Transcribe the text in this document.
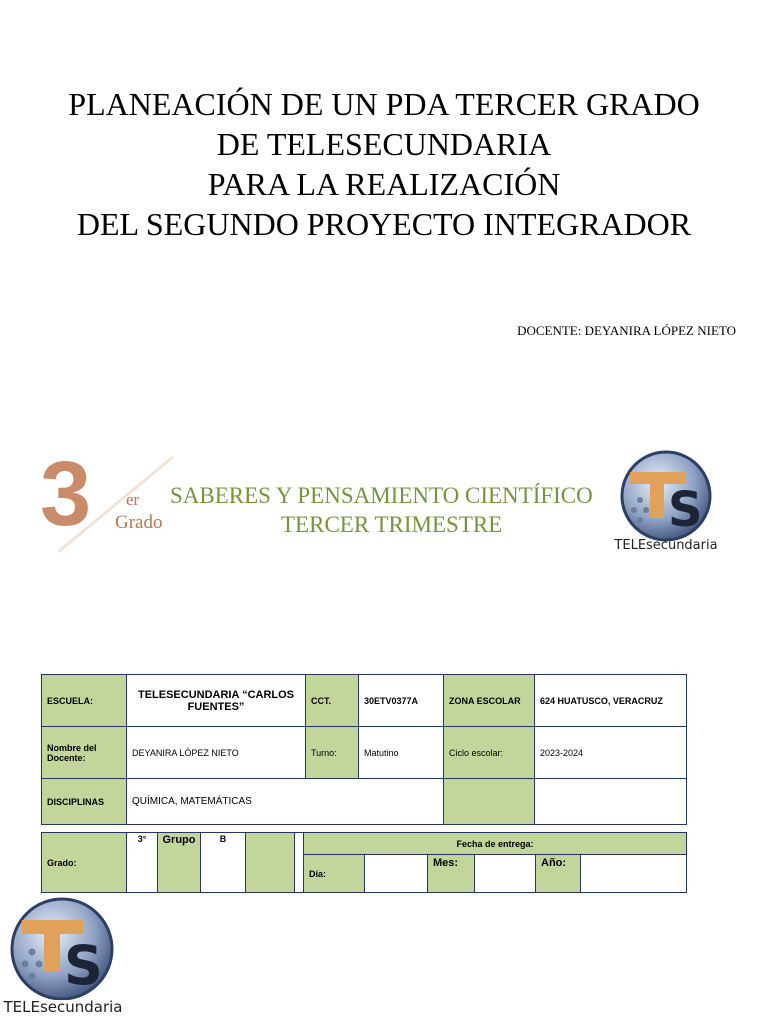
PLANEACIÓN DE UN PDA TERCER GRADO
DE TELESECUNDARIA
PARA LA REALIZACIÓN
DEL SEGUNDO PROYECTO INTEGRADOR
DOCENTE: DEYANIRA LÓPEZ NIETO
3 er
Grado
SABERES Y PENSAMIENTO CIENTÍFICO
TERCER TRIMESTRE	S
TELEsecundaria
ESCUELA:	TELESECUNDARIA “CARLOS FUENTES”	CCT.	30ETV0377A	ZONA ESCOLAR	624 HUATUSCO, VERACRUZ
Nombre del Docente:	DEYANIRA LÓPEZ NIETO	Turno:	Matutino	Ciclo escolar:	2023-2024
DISCIPLINAS	QUÍMICA, MATEMÁTICAS				
Grado:	3°	Grupo	B			Fecha de entrega:					
						Día:		Mes:		Año:	
S
TELEsecundaria
